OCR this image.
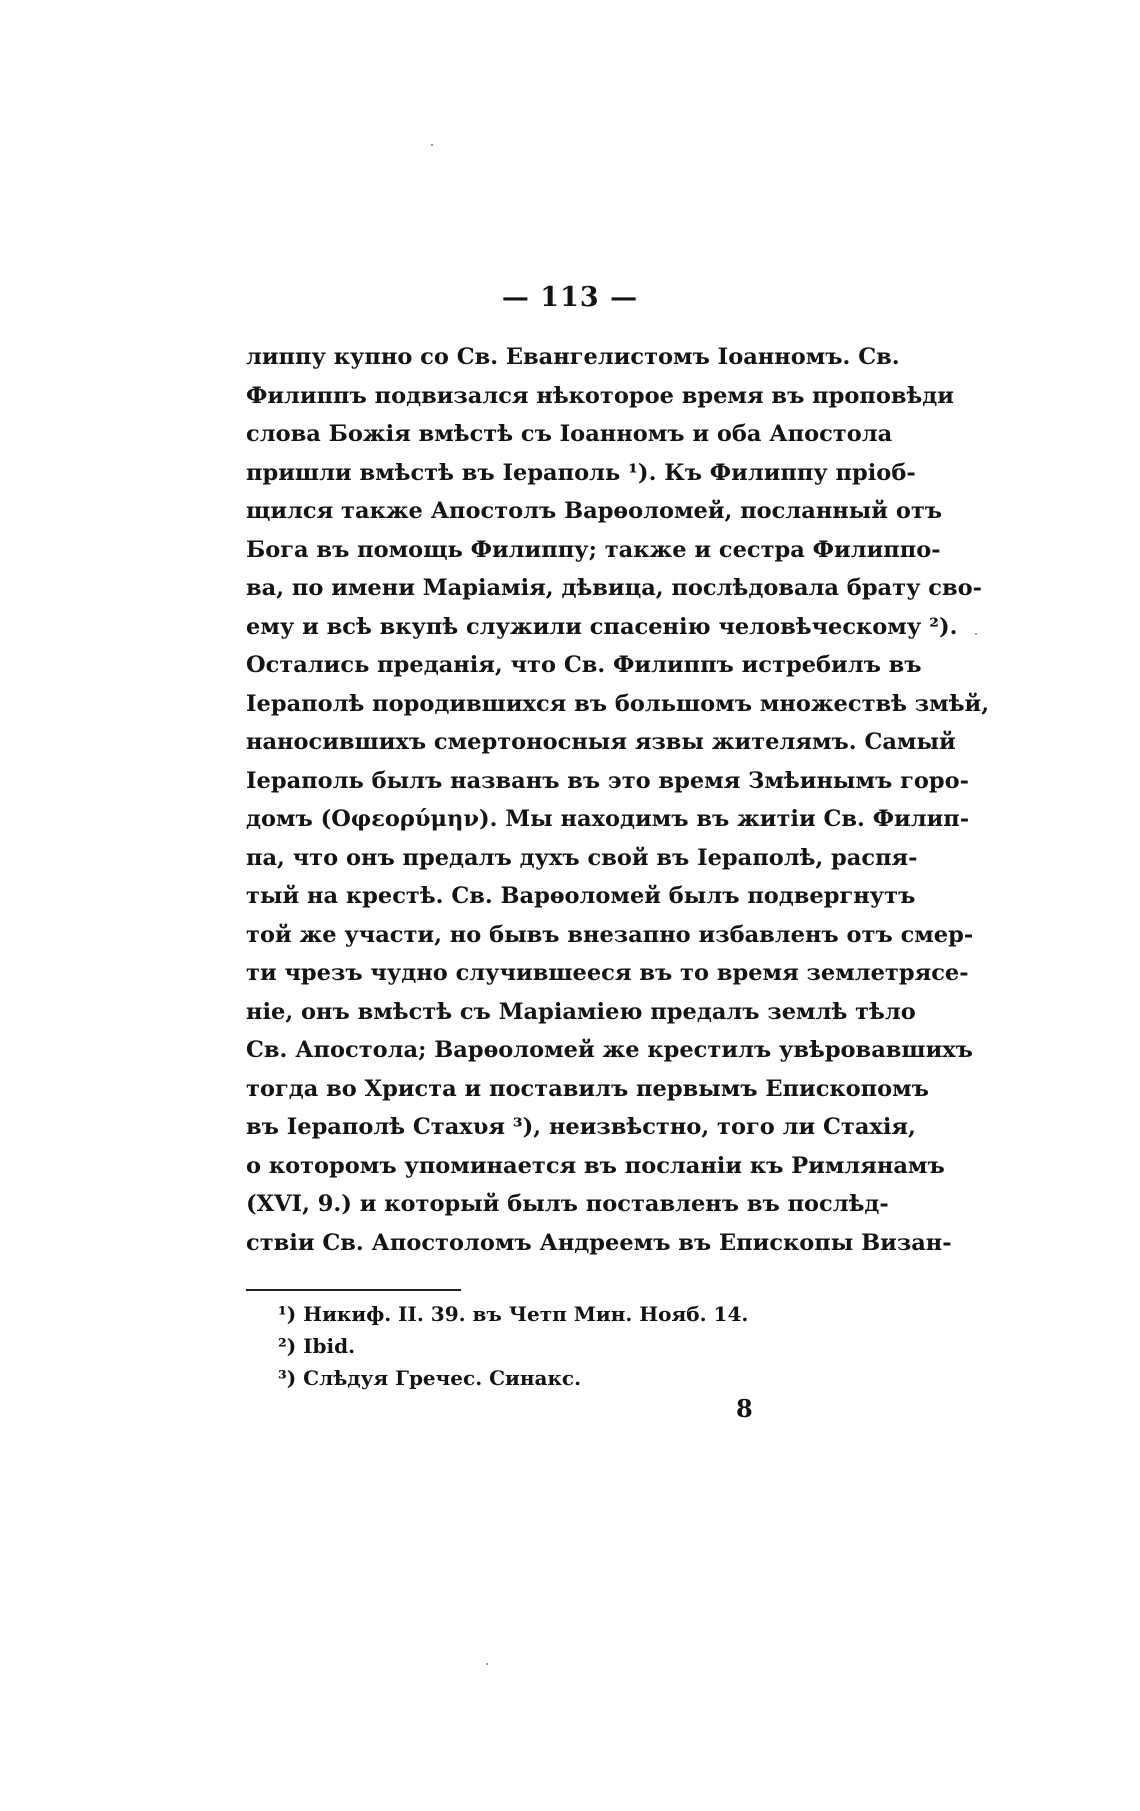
— 113 —
липпу купно со Св. Евангелистомъ Іоанномъ. Св.
Филиппъ подвизался нѣкоторое время въ проповѣди
слова Божія вмѣстѣ съ Іоанномъ и оба Апостола
пришли вмѣстѣ въ Іераполь ¹). Къ Филиппу пріоб-
щился также Апостолъ Варѳоломей, посланный отъ
Бога въ помощь Филиппу; также и сестра Филиппо-
ва, по имени Маріамія, дѣвица, послѣдовала брату сво-
ему и всѣ вкупѣ служили спасенію человѣческому ²).
Остались преданія, что Св. Филиппъ истребилъ въ
Іераполѣ породившихся въ большомъ множествѣ змѣй,
наносившихъ смертоносныя язвы жителямъ. Самый
Іераполь былъ названъ въ это время Змѣинымъ горо-
домъ (Οφεορύμην). Мы находимъ въ житіи Св. Филип-
па, что онъ предалъ духъ свой въ Іераполѣ, распя-
тый на крестѣ. Св. Варѳоломей былъ подвергнутъ
той же участи, но бывъ внезапно избавленъ отъ смер-
ти чрезъ чудно случившееся въ то время землетрясе-
ніе, онъ вмѣстѣ съ Маріаміею предалъ землѣ тѣло
Св. Апостола; Варѳоломей же крестилъ увѣровавшихъ
тогда во Христа и поставилъ первымъ Епископомъ
въ Іераполѣ Стахυя ³), неизвѣстно, того ли Стахія,
о которомъ упоминается въ посланіи къ Римлянамъ
(XVI, 9.) и который былъ поставленъ въ послѣд-
ствіи Св. Апостоломъ Андреемъ въ Епископы Визан-
¹) Никиф. II. 39. въ Четп Мин. Нояб. 14.
²) Ibid.
³) Слѣдуя Гречес. Синакс.
8
